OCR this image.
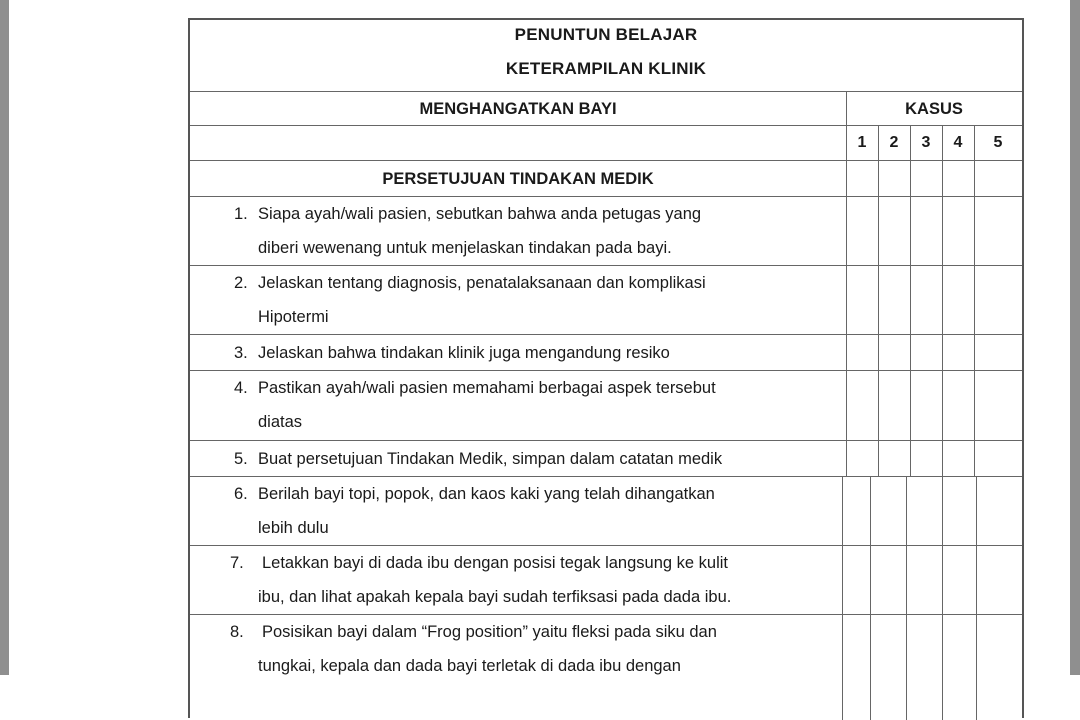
PENUNTUN BELAJAR
KETERAMPILAN KLINIK
MENGHANGATKAN BAYI	KASUS
1	2	3	4	5
PERSETUJUAN TINDAKAN MEDIK
1. Siapa ayah/wali pasien, sebutkan bahwa anda petugas yang
diberi wewenang untuk menjelaskan tindakan pada bayi.
2. Jelaskan tentang diagnosis, penatalaksanaan dan komplikasi
Hipotermi
3. Jelaskan bahwa tindakan klinik juga mengandung resiko
4. Pastikan ayah/wali pasien memahami berbagai aspek tersebut
diatas
5. Buat persetujuan Tindakan Medik, simpan dalam catatan medik
6. Berilah bayi topi, popok, dan kaos kaki yang telah dihangatkan
lebih dulu
7. Letakkan bayi di dada ibu dengan posisi tegak langsung ke kulit
ibu, dan lihat apakah kepala bayi sudah terfiksasi pada dada ibu.
8. Posisikan bayi dalam “Frog position” yaitu fleksi pada siku dan
tungkai, kepala dan dada bayi terletak di dada ibu dengan
